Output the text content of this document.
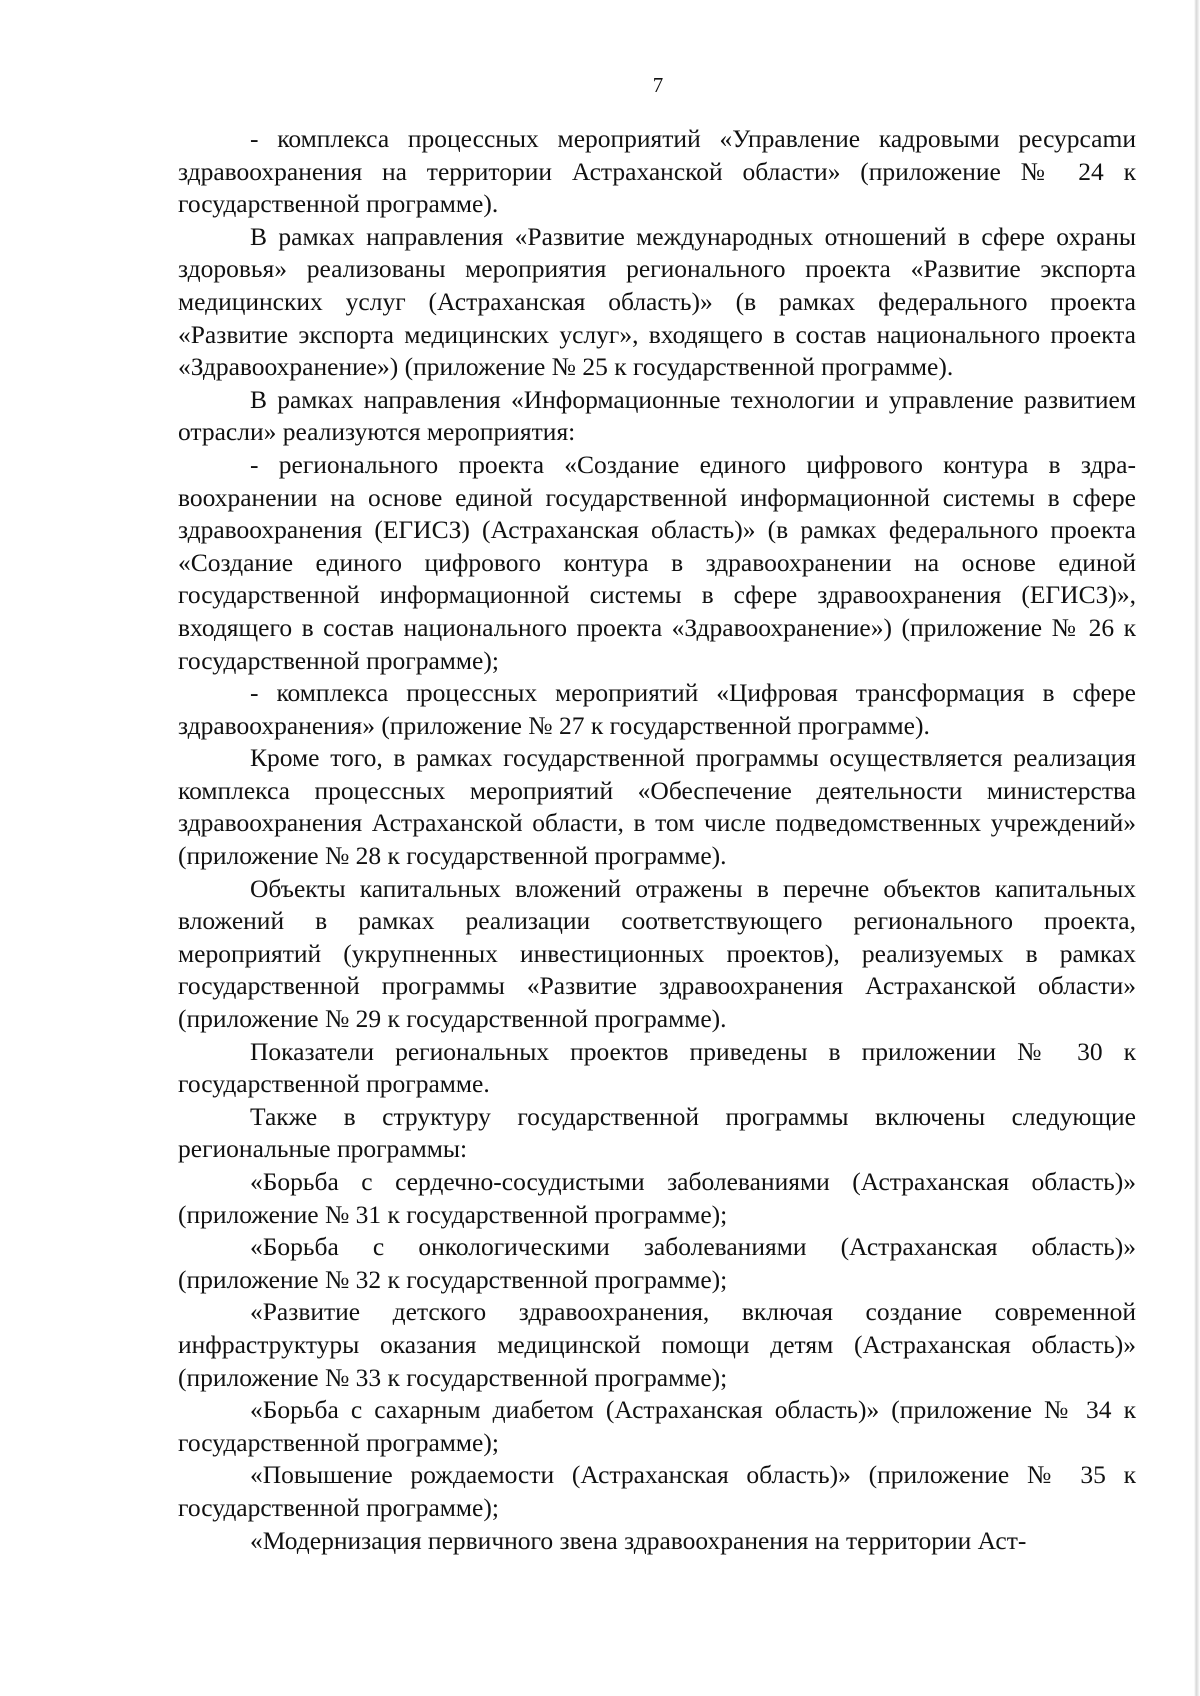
7

- комплекса процессных мероприятий «Управление кадровыми ресурсаmи здравоохранения на территории Астраханской области» (приложение № 24 к государственной программе).

В рамках направления «Развитие международных отношений в сфере охраны здоровья» реализованы мероприятия регионального проекта «Развитие экспорта медицинских услуг (Астраханская область)» (в рамках федерального проекта «Развитие экспорта медицинских услуг», входящего в состав национального проекта «Здравоохранение») (приложение № 25 к государственной программе).

В рамках направления «Информационные технологии и управление развитием отрасли» реализуются мероприятия:

- регионального проекта «Создание единого цифрового контура в здравоохранении на основе единой государственной информационной системы в сфере здравоохранения (ЕГИСЗ) (Астраханская область)» (в рамках федерального проекта «Создание единого цифрового контура в здравоохранении на основе единой государственной информационной системы в сфере здравоохранения (ЕГИСЗ)», входящего в состав национального проекта «Здравоохранение») (приложение № 26 к государственной программе);

- комплекса процессных мероприятий «Цифровая трансформация в сфере здравоохранения» (приложение № 27 к государственной программе).

Кроме того, в рамках государственной программы осуществляется реализация комплекса процессных мероприятий «Обеспечение деятельности министерства здравоохранения Астраханской области, в том числе подведомственных учреждений» (приложение № 28 к государственной программе).

Объекты капитальных вложений отражены в перечне объектов капитальных вложений в рамках реализации соответствующего регионального проекта, мероприятий (укрупненных инвестиционных проектов), реализуемых в рамках государственной программы «Развитие здравоохранения Астраханской области» (приложение № 29 к государственной программе).

Показатели региональных проектов приведены в приложении № 30 к государственной программе.

Также в структуру государственной программы включены следующие региональные программы:

«Борьба с сердечно-сосудистыми заболеваниями (Астраханская область)» (приложение № 31 к государственной программе);

«Борьба с онкологическими заболеваниями (Астраханская область)» (приложение № 32 к государственной программе);

«Развитие детского здравоохранения, включая создание современной инфраструктуры оказания медицинской помощи детям (Астраханская область)» (приложение № 33 к государственной программе);

«Борьба с сахарным диабетом (Астраханская область)» (приложение № 34 к государственной программе);

«Повышение рождаемости (Астраханская область)» (приложение № 35 к государственной программе);

«Модернизация первичного звена здравоохранения на территории Аст-
